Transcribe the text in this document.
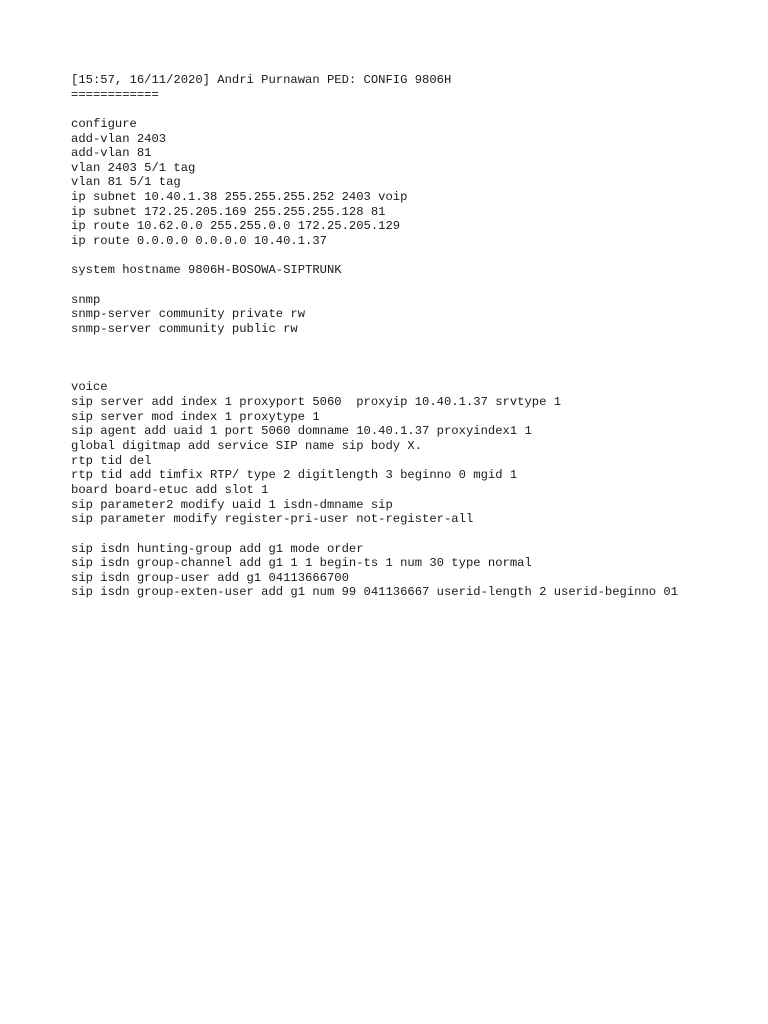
[15:57, 16/11/2020] Andri Purnawan PED: CONFIG 9806H
============
configure
add-vlan 2403
add-vlan 81
vlan 2403 5/1 tag
vlan 81 5/1 tag
ip subnet 10.40.1.38 255.255.255.252 2403 voip
ip subnet 172.25.205.169 255.255.255.128 81
ip route 10.62.0.0 255.255.0.0 172.25.205.129
ip route 0.0.0.0 0.0.0.0 10.40.1.37
system hostname 9806H-BOSOWA-SIPTRUNK
snmp
snmp-server community private rw
snmp-server community public rw
voice
sip server add index 1 proxyport 5060  proxyip 10.40.1.37 srvtype 1
sip server mod index 1 proxytype 1
sip agent add uaid 1 port 5060 domname 10.40.1.37 proxyindex1 1
global digitmap add service SIP name sip body X.
rtp tid del
rtp tid add timfix RTP/ type 2 digitlength 3 beginno 0 mgid 1
board board-etuc add slot 1
sip parameter2 modify uaid 1 isdn-dmname sip
sip parameter modify register-pri-user not-register-all
sip isdn hunting-group add g1 mode order
sip isdn group-channel add g1 1 1 begin-ts 1 num 30 type normal
sip isdn group-user add g1 04113666700
sip isdn group-exten-user add g1 num 99 041136667 userid-length 2 userid-beginno 01
